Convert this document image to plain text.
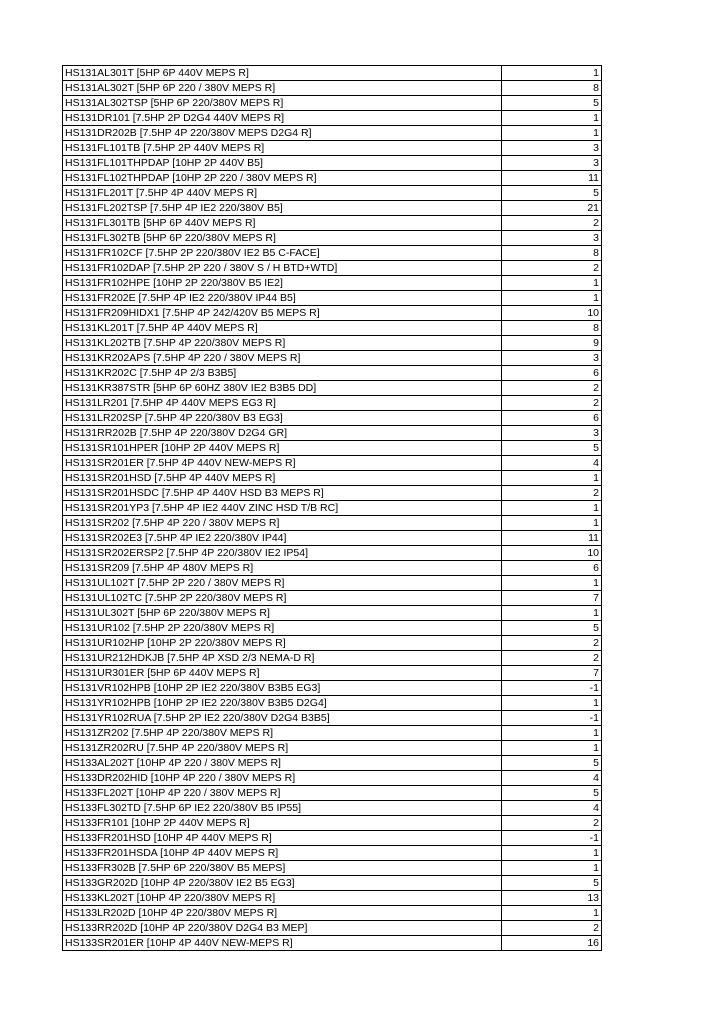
HS131AL301T [5HP 6P 440V MEPS R]	1
HS131AL302T [5HP 6P 220 / 380V MEPS R]	8
HS131AL302TSP [5HP 6P 220/380V MEPS R]	5
HS131DR101 [7.5HP 2P D2G4 440V MEPS R]	1
HS131DR202B [7.5HP 4P 220/380V MEPS D2G4 R]	1
HS131FL101TB [7.5HP 2P 440V MEPS R]	3
HS131FL101THPDAP [10HP 2P 440V B5]	3
HS131FL102THPDAP [10HP 2P 220 / 380V MEPS R]	11
HS131FL201T [7.5HP 4P 440V MEPS R]	5
HS131FL202TSP [7.5HP 4P IE2 220/380V B5]	21
HS131FL301TB [5HP 6P 440V MEPS R]	2
HS131FL302TB [5HP 6P 220/380V MEPS R]	3
HS131FR102CF [7.5HP 2P 220/380V IE2 B5 C-FACE]	8
HS131FR102DAP [7.5HP 2P 220 / 380V S / H BTD+WTD]	2
HS131FR102HPE [10HP 2P 220/380V B5 IE2]	1
HS131FR202E [7.5HP 4P IE2 220/380V IP44 B5]	1
HS131FR209HIDX1 [7.5HP 4P 242/420V B5 MEPS R]	10
HS131KL201T [7.5HP 4P 440V MEPS R]	8
HS131KL202TB [7.5HP 4P 220/380V MEPS R]	9
HS131KR202APS [7.5HP 4P 220 / 380V MEPS R]	3
HS131KR202C [7.5HP 4P 2/3 B3B5]	6
HS131KR387STR [5HP 6P 60HZ 380V IE2 B3B5 DD]	2
HS131LR201 [7.5HP 4P 440V MEPS EG3 R]	2
HS131LR202SP [7.5HP 4P 220/380V B3 EG3]	6
HS131RR202B [7.5HP 4P 220/380V D2G4 GR]	3
HS131SR101HPER [10HP 2P 440V MEPS R]	5
HS131SR201ER [7.5HP 4P 440V NEW-MEPS R]	4
HS131SR201HSD [7.5HP 4P 440V MEPS R]	1
HS131SR201HSDC [7.5HP 4P 440V HSD B3 MEPS R]	2
HS131SR201YP3 [7.5HP 4P IE2 440V ZINC HSD T/B RC]	1
HS131SR202 [7.5HP 4P 220 / 380V MEPS R]	1
HS131SR202E3 [7.5HP 4P IE2 220/380V IP44]	11
HS131SR202ERSP2 [7.5HP 4P 220/380V IE2 IP54]	10
HS131SR209 [7.5HP 4P 480V MEPS R]	6
HS131UL102T [7.5HP 2P 220 / 380V MEPS R]	1
HS131UL102TC [7.5HP 2P 220/380V MEPS R]	7
HS131UL302T [5HP 6P 220/380V MEPS R]	1
HS131UR102 [7.5HP 2P 220/380V MEPS R]	5
HS131UR102HP [10HP 2P 220/380V MEPS R]	2
HS131UR212HDKJB [7.5HP 4P XSD 2/3 NEMA-D R]	2
HS131UR301ER [5HP 6P 440V MEPS R]	7
HS131VR102HPB [10HP 2P IE2 220/380V B3B5 EG3]	-1
HS131YR102HPB [10HP 2P IE2 220/380V B3B5 D2G4]	1
HS131YR102RUA [7.5HP 2P IE2 220/380V D2G4 B3B5]	-1
HS131ZR202 [7.5HP 4P 220/380V MEPS R]	1
HS131ZR202RU [7.5HP 4P 220/380V MEPS R]	1
HS133AL202T [10HP 4P 220 / 380V MEPS R]	5
HS133DR202HID [10HP 4P 220 / 380V MEPS R]	4
HS133FL202T [10HP 4P 220 / 380V MEPS R]	5
HS133FL302TD [7.5HP 6P IE2 220/380V B5 IP55]	4
HS133FR101 [10HP 2P 440V MEPS R]	2
HS133FR201HSD [10HP 4P 440V MEPS R]	-1
HS133FR201HSDA [10HP 4P 440V MEPS R]	1
HS133FR302B [7.5HP 6P 220/380V B5 MEPS]	1
HS133GR202D [10HP 4P 220/380V IE2 B5 EG3]	5
HS133KL202T [10HP 4P 220/380V MEPS R]	13
HS133LR202D [10HP 4P 220/380V MEPS R]	1
HS133RR202D [10HP 4P 220/380V D2G4 B3 MEP]	2
HS133SR201ER [10HP 4P 440V NEW-MEPS R]	16
